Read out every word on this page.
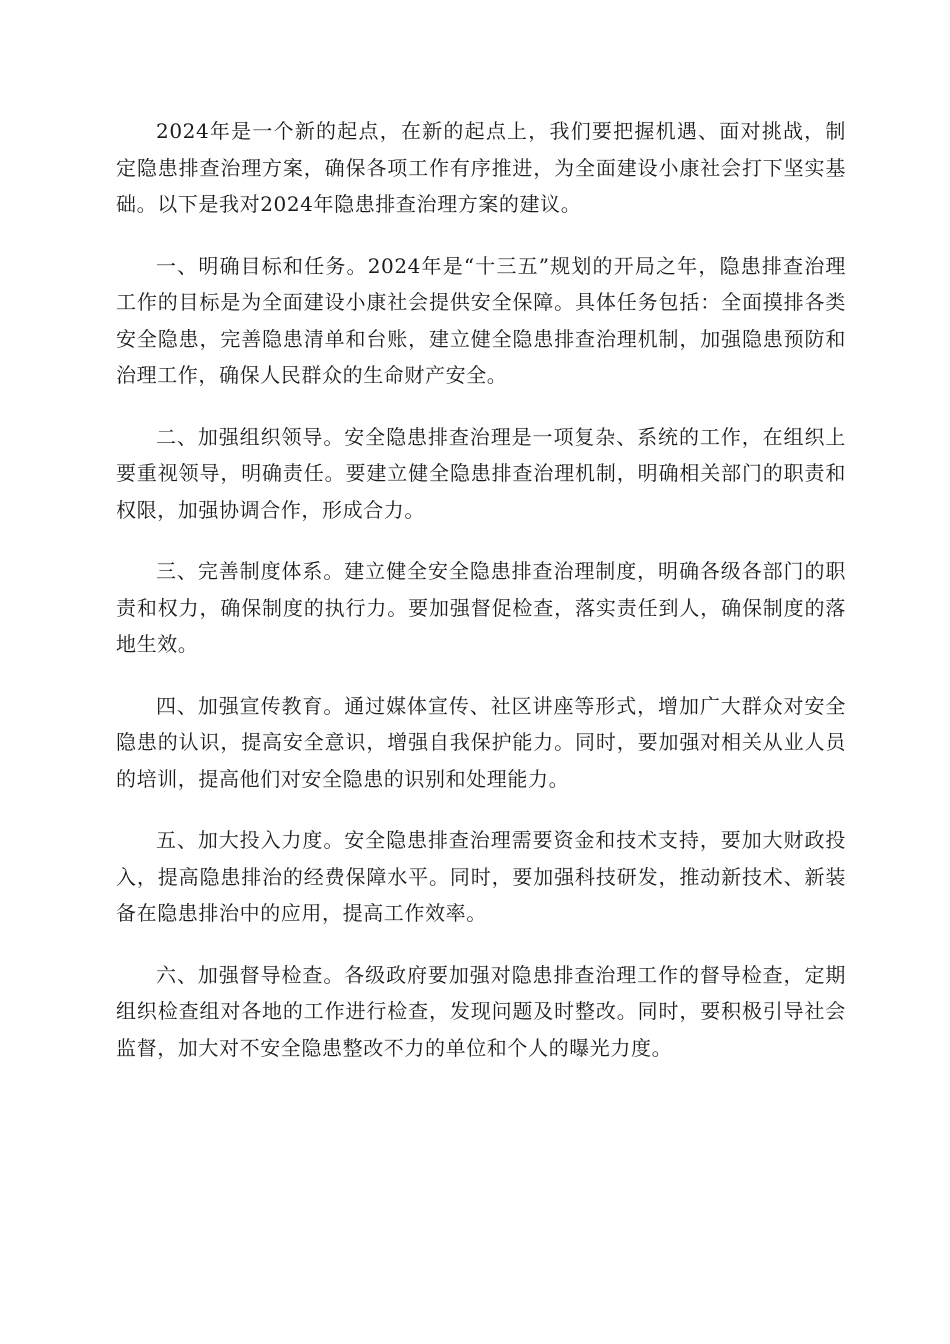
2024年是一个新的起点，在新的起点上，我们要把握机遇、面对挑战，制定隐患排查治理方案，确保各项工作有序推进，为全面建设小康社会打下坚实基础。以下是我对2024年隐患排查治理方案的建议。

一、明确目标和任务。2024年是“十三五”规划的开局之年，隐患排查治理工作的目标是为全面建设小康社会提供安全保障。具体任务包括：全面摸排各类安全隐患，完善隐患清单和台账，建立健全隐患排查治理机制，加强隐患预防和治理工作，确保人民群众的生命财产安全。

二、加强组织领导。安全隐患排查治理是一项复杂、系统的工作，在组织上要重视领导，明确责任。要建立健全隐患排查治理机制，明确相关部门的职责和权限，加强协调合作，形成合力。

三、完善制度体系。建立健全安全隐患排查治理制度，明确各级各部门的职责和权力，确保制度的执行力。要加强督促检查，落实责任到人，确保制度的落地生效。

四、加强宣传教育。通过媒体宣传、社区讲座等形式，增加广大群众对安全隐患的认识，提高安全意识，增强自我保护能力。同时，要加强对相关从业人员的培训，提高他们对安全隐患的识别和处理能力。

五、加大投入力度。安全隐患排查治理需要资金和技术支持，要加大财政投入，提高隐患排治的经费保障水平。同时，要加强科技研发，推动新技术、新装备在隐患排治中的应用，提高工作效率。

六、加强督导检查。各级政府要加强对隐患排查治理工作的督导检查，定期组织检查组对各地的工作进行检查，发现问题及时整改。同时，要积极引导社会监督，加大对不安全隐患整改不力的单位和个人的曝光力度。
